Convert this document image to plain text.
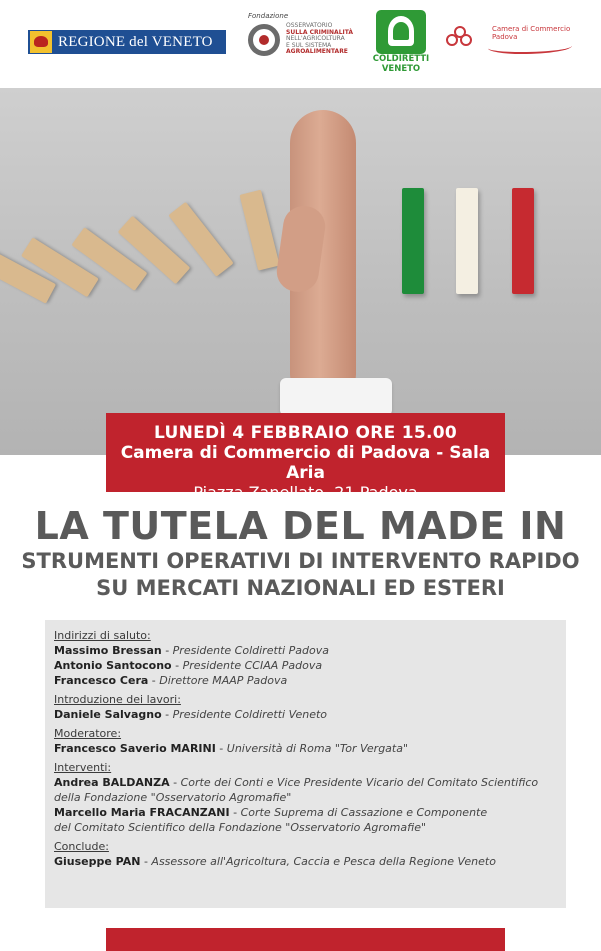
REGIONE del VENETO
Fondazione
OSSERVATORIO
SULLA CRIMINALITÀ
NELL'AGRICOLTURA
E SUL SISTEMA
AGROALIMENTARE
COLDIRETTI
VENETO
Camera di Commercio
Padova
LUNEDÌ 4 FEBBRAIO ORE 15.00
Camera di Commercio di Padova - Sala Aria
Piazza Zanellato, 21 Padova
LA TUTELA DEL MADE IN
STRUMENTI OPERATIVI DI INTERVENTO RAPIDO
SU MERCATI NAZIONALI ED ESTERI
Indirizzi di saluto:
Massimo Bressan - Presidente Coldiretti Padova
Antonio Santocono - Presidente CCIAA Padova
Francesco Cera - Direttore MAAP Padova
Introduzione dei lavori:
Daniele Salvagno - Presidente Coldiretti Veneto
Moderatore:
Francesco Saverio MARINI - Università di Roma "Tor Vergata"
Interventi:
Andrea BALDANZA - Corte dei Conti e Vice Presidente Vicario del Comitato Scientifico
della Fondazione "Osservatorio Agromafie"
Marcello Maria FRACANZANI - Corte Suprema di Cassazione e Componente
del Comitato Scientifico della Fondazione "Osservatorio Agromafie"
Conclude:
Giuseppe PAN - Assessore all'Agricoltura, Caccia e Pesca della Regione Veneto
